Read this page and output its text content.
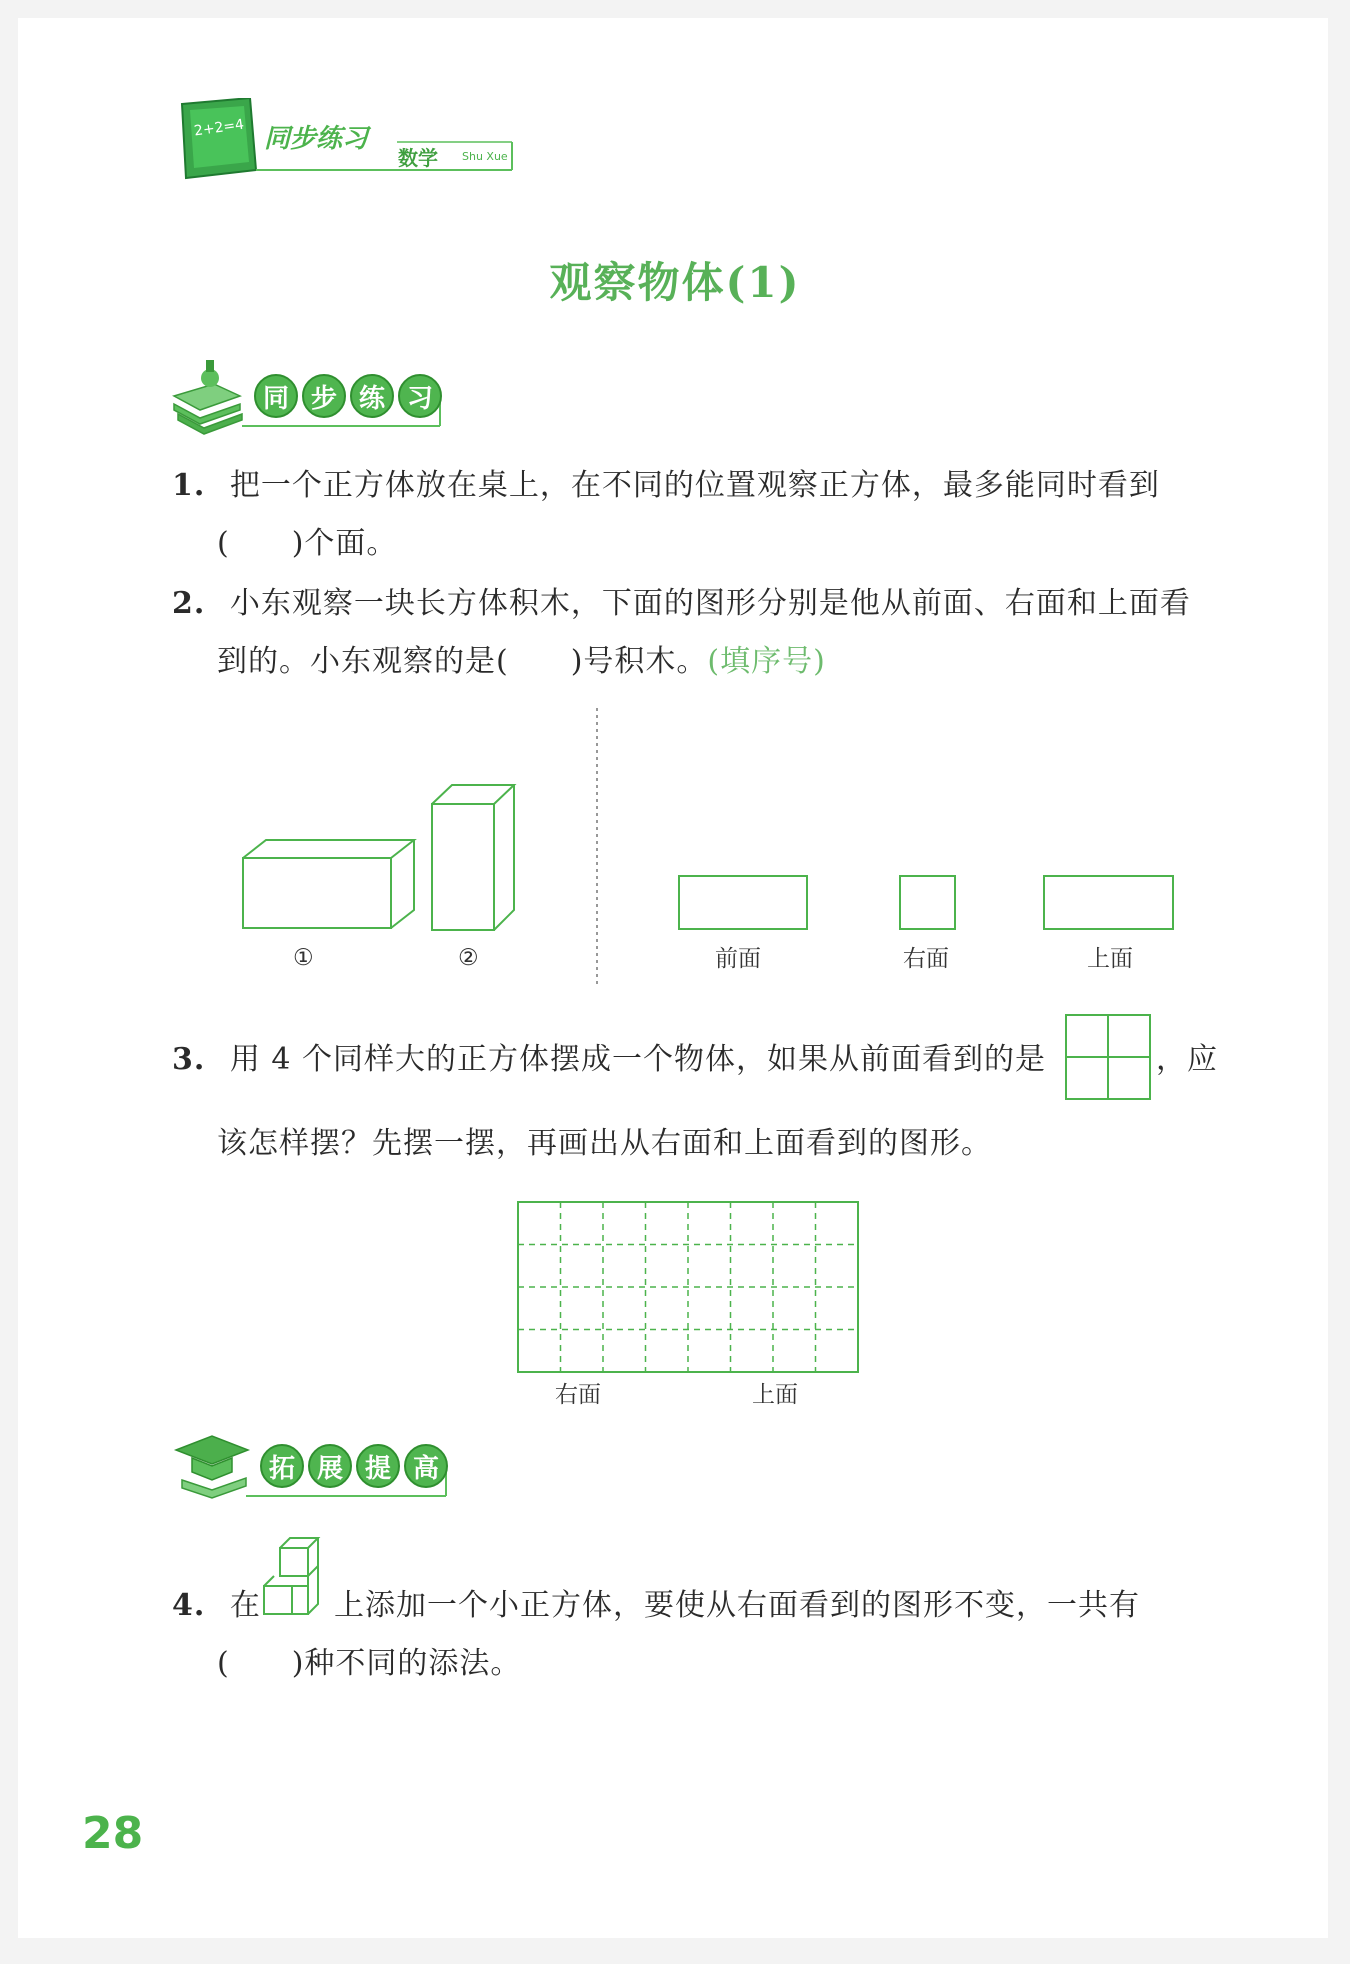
2+2=4 同步练习
数学 Shu Xue
观察物体(1)
同 步 练 习
1. 把一个正方体放在桌上，在不同的位置观察正方体，最多能同时看到
(　　)个面。
2. 小东观察一块长方体积木，下面的图形分别是他从前面、右面和上面看
到的。小东观察的是(　　)号积木。(填序号)
①	②	前面	右面	上面
3. 用 4 个同样大的正方体摆成一个物体，如果从前面看到的是	，应
该怎样摆？先摆一摆，再画出从右面和上面看到的图形。
右面	上面
拓 展 提 高
4. 在 上添加一个小正方体，要使从右面看到的图形不变，一共有
(　　)种不同的添法。
28
